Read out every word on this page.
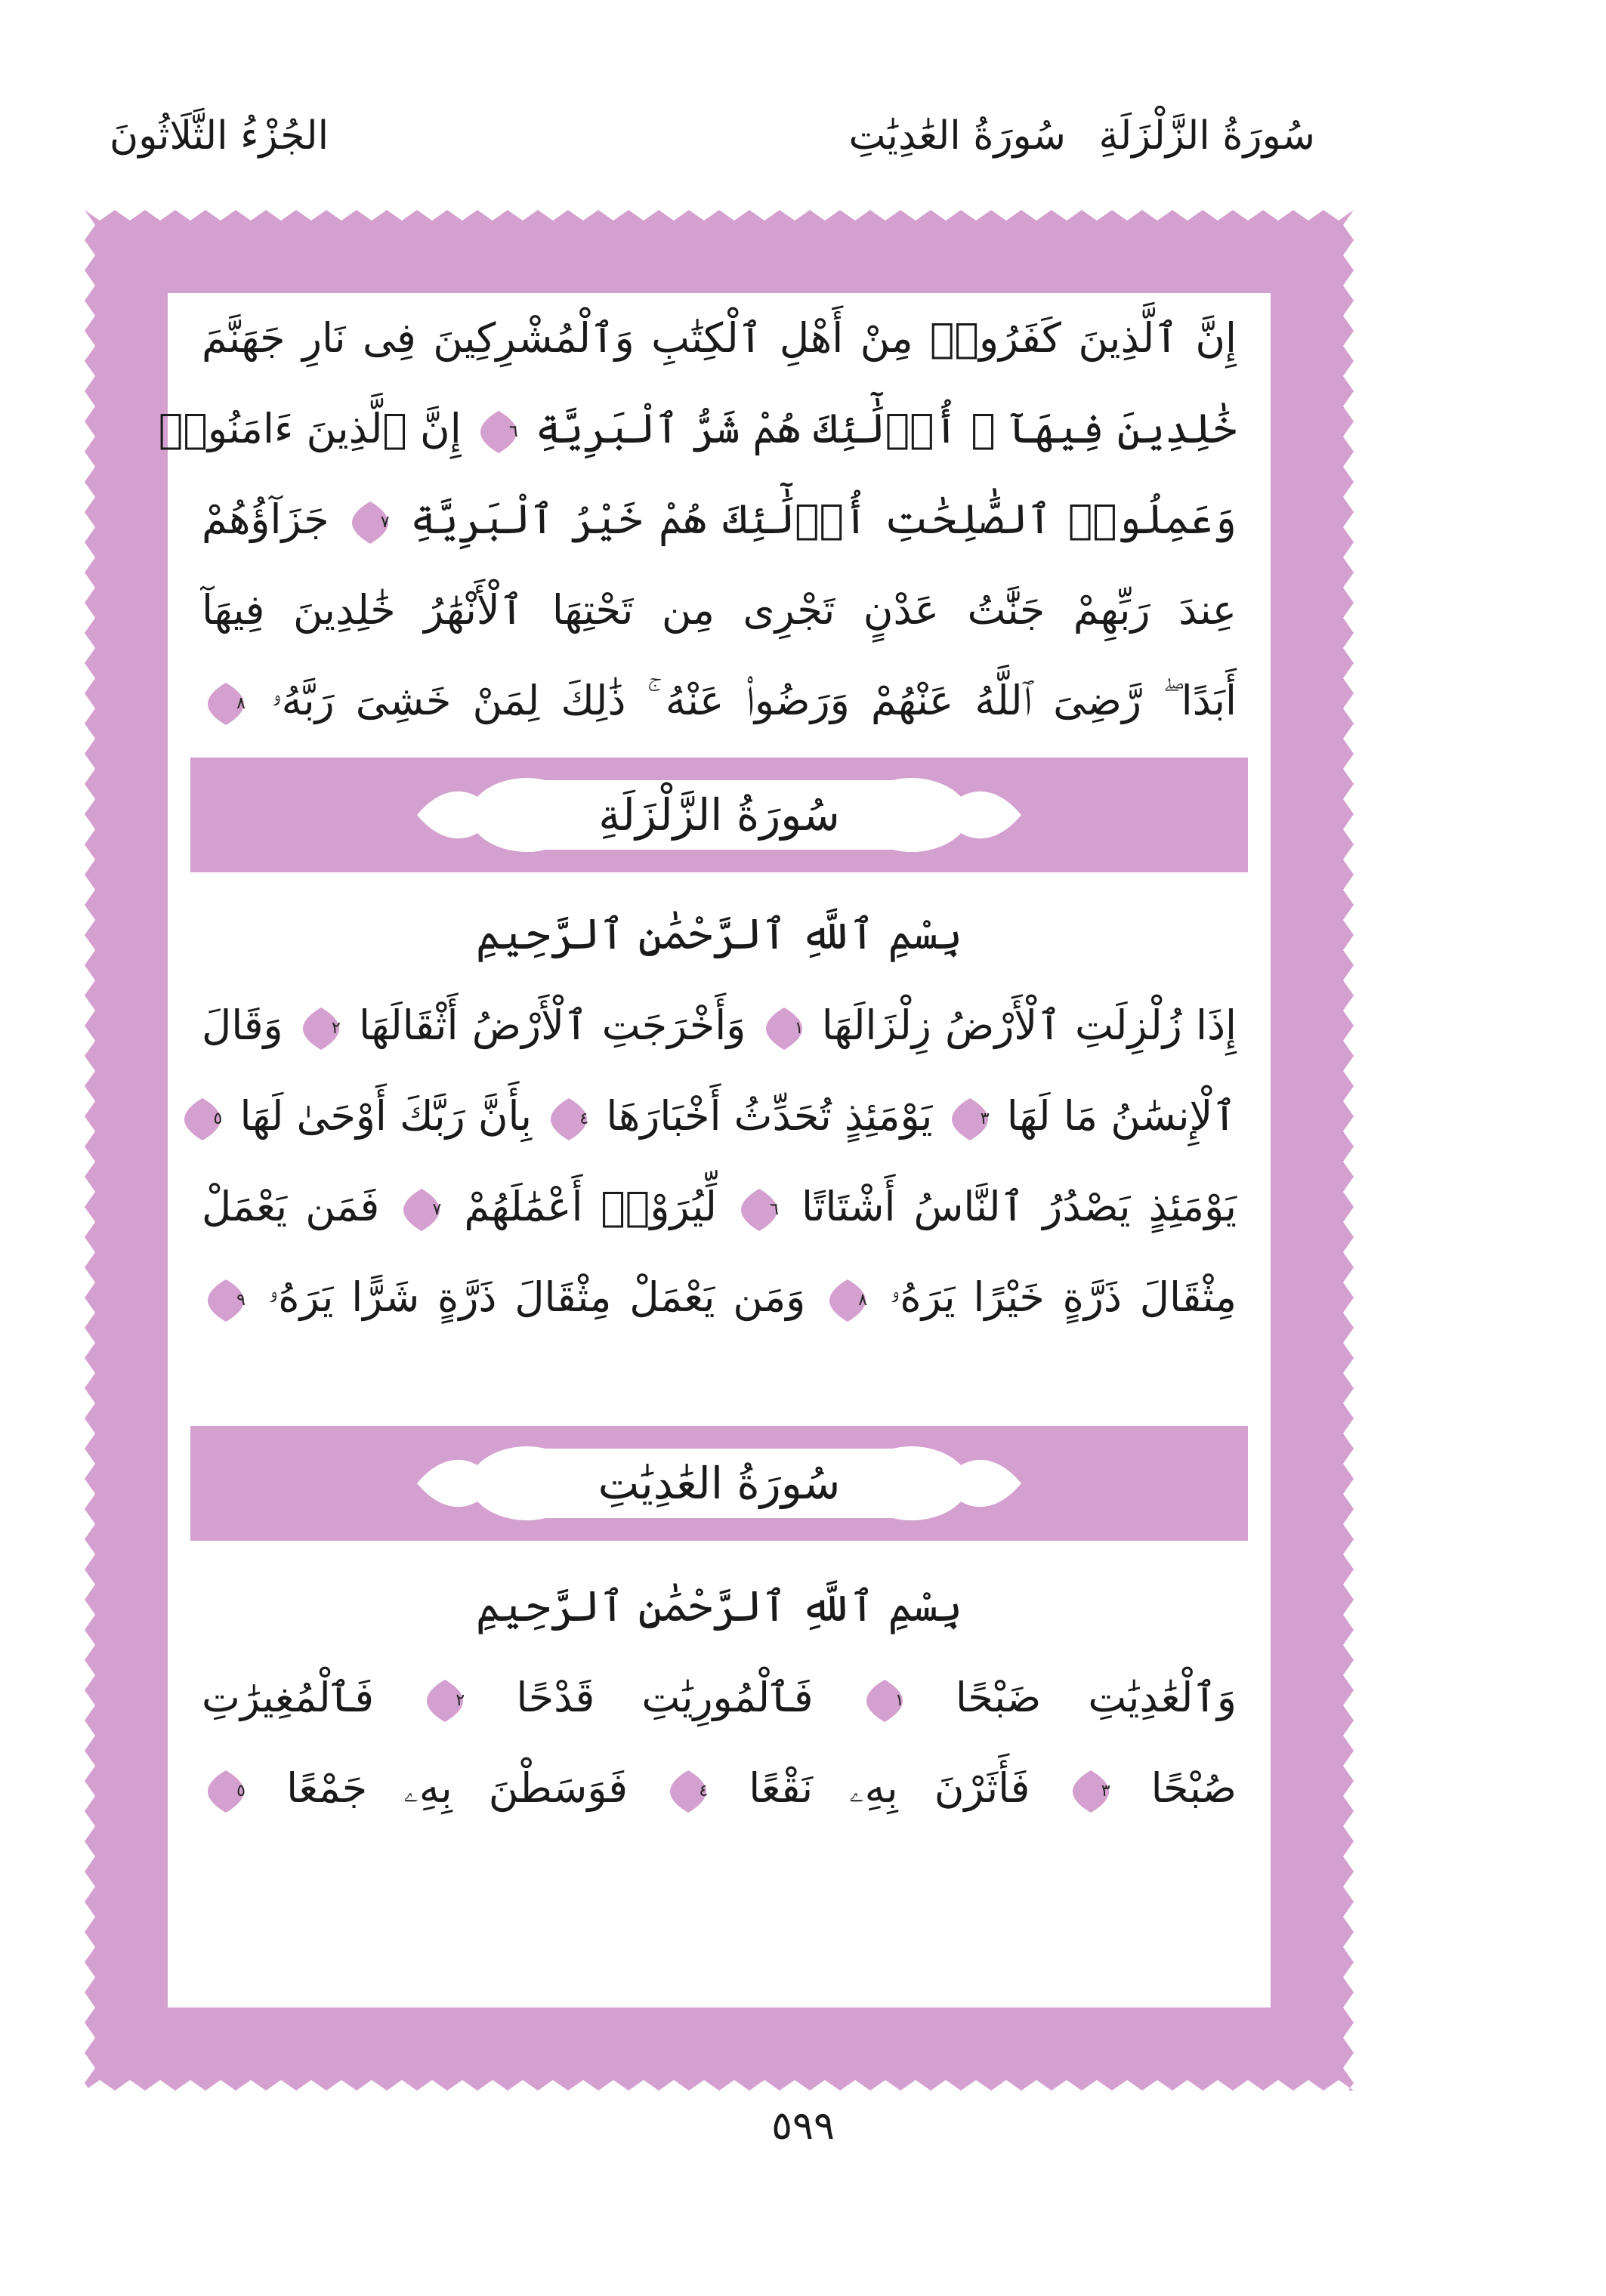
سُورَةُ الزَّلْزَلَةِ
سُورَةُ العَٰدِيَٰتِ
الجُزْءُ الثَّلَاثُونَ
إِنَّ ٱلَّذِينَ كَفَرُوا۟ مِنْ أَهْلِ ٱلْكِتَٰبِ وَٱلْمُشْرِكِينَ فِى نَارِ جَهَنَّمَ
خَٰلِدِينَ فِيهَآ ۚ أُو۟لَٰٓئِكَ هُمْ شَرُّ ٱلْبَرِيَّةِ
٦
إِنَّ ٱلَّذِينَ ءَامَنُوا۟
وَعَمِلُوا۟ ٱلصَّٰلِحَٰتِ أُو۟لَٰٓئِكَ هُمْ خَيْرُ ٱلْبَرِيَّةِ
٧
جَزَآؤُهُمْ
عِندَ رَبِّهِمْ جَنَّٰتُ عَدْنٍ تَجْرِى مِن تَحْتِهَا ٱلْأَنْهَٰرُ خَٰلِدِينَ فِيهَآ
أَبَدًا ۖ رَّضِىَ ٱللَّهُ عَنْهُمْ وَرَضُوا۟ عَنْهُ ۚ ذَٰلِكَ لِمَنْ خَشِىَ رَبَّهُۥ
٨
سُورَةُ الزَّلْزَلَةِ
بِسْمِ ٱللَّهِ ٱلرَّحْمَٰنِ ٱلرَّحِيمِ
إِذَا زُلْزِلَتِ ٱلْأَرْضُ زِلْزَالَهَا
١
وَأَخْرَجَتِ ٱلْأَرْضُ أَثْقَالَهَا
٢
وَقَالَ
ٱلْإِنسَٰنُ مَا لَهَا
٣
يَوْمَئِذٍ تُحَدِّثُ أَخْبَارَهَا
٤
بِأَنَّ رَبَّكَ أَوْحَىٰ لَهَا
٥
يَوْمَئِذٍ يَصْدُرُ ٱلنَّاسُ أَشْتَاتًا
٦
لِّيُرَوْا۟ أَعْمَٰلَهُمْ
٧
فَمَن يَعْمَلْ
مِثْقَالَ ذَرَّةٍ خَيْرًا يَرَهُۥ
٨
وَمَن يَعْمَلْ مِثْقَالَ ذَرَّةٍ شَرًّا يَرَهُۥ
٩
سُورَةُ العَٰدِيَٰتِ
بِسْمِ ٱللَّهِ ٱلرَّحْمَٰنِ ٱلرَّحِيمِ
وَٱلْعَٰدِيَٰتِ ضَبْحًا
١
فَٱلْمُورِيَٰتِ قَدْحًا
٢
فَٱلْمُغِيرَٰتِ
صُبْحًا
٣
فَأَثَرْنَ بِهِۦ نَقْعًا
٤
فَوَسَطْنَ بِهِۦ جَمْعًا
٥
٥٩٩
